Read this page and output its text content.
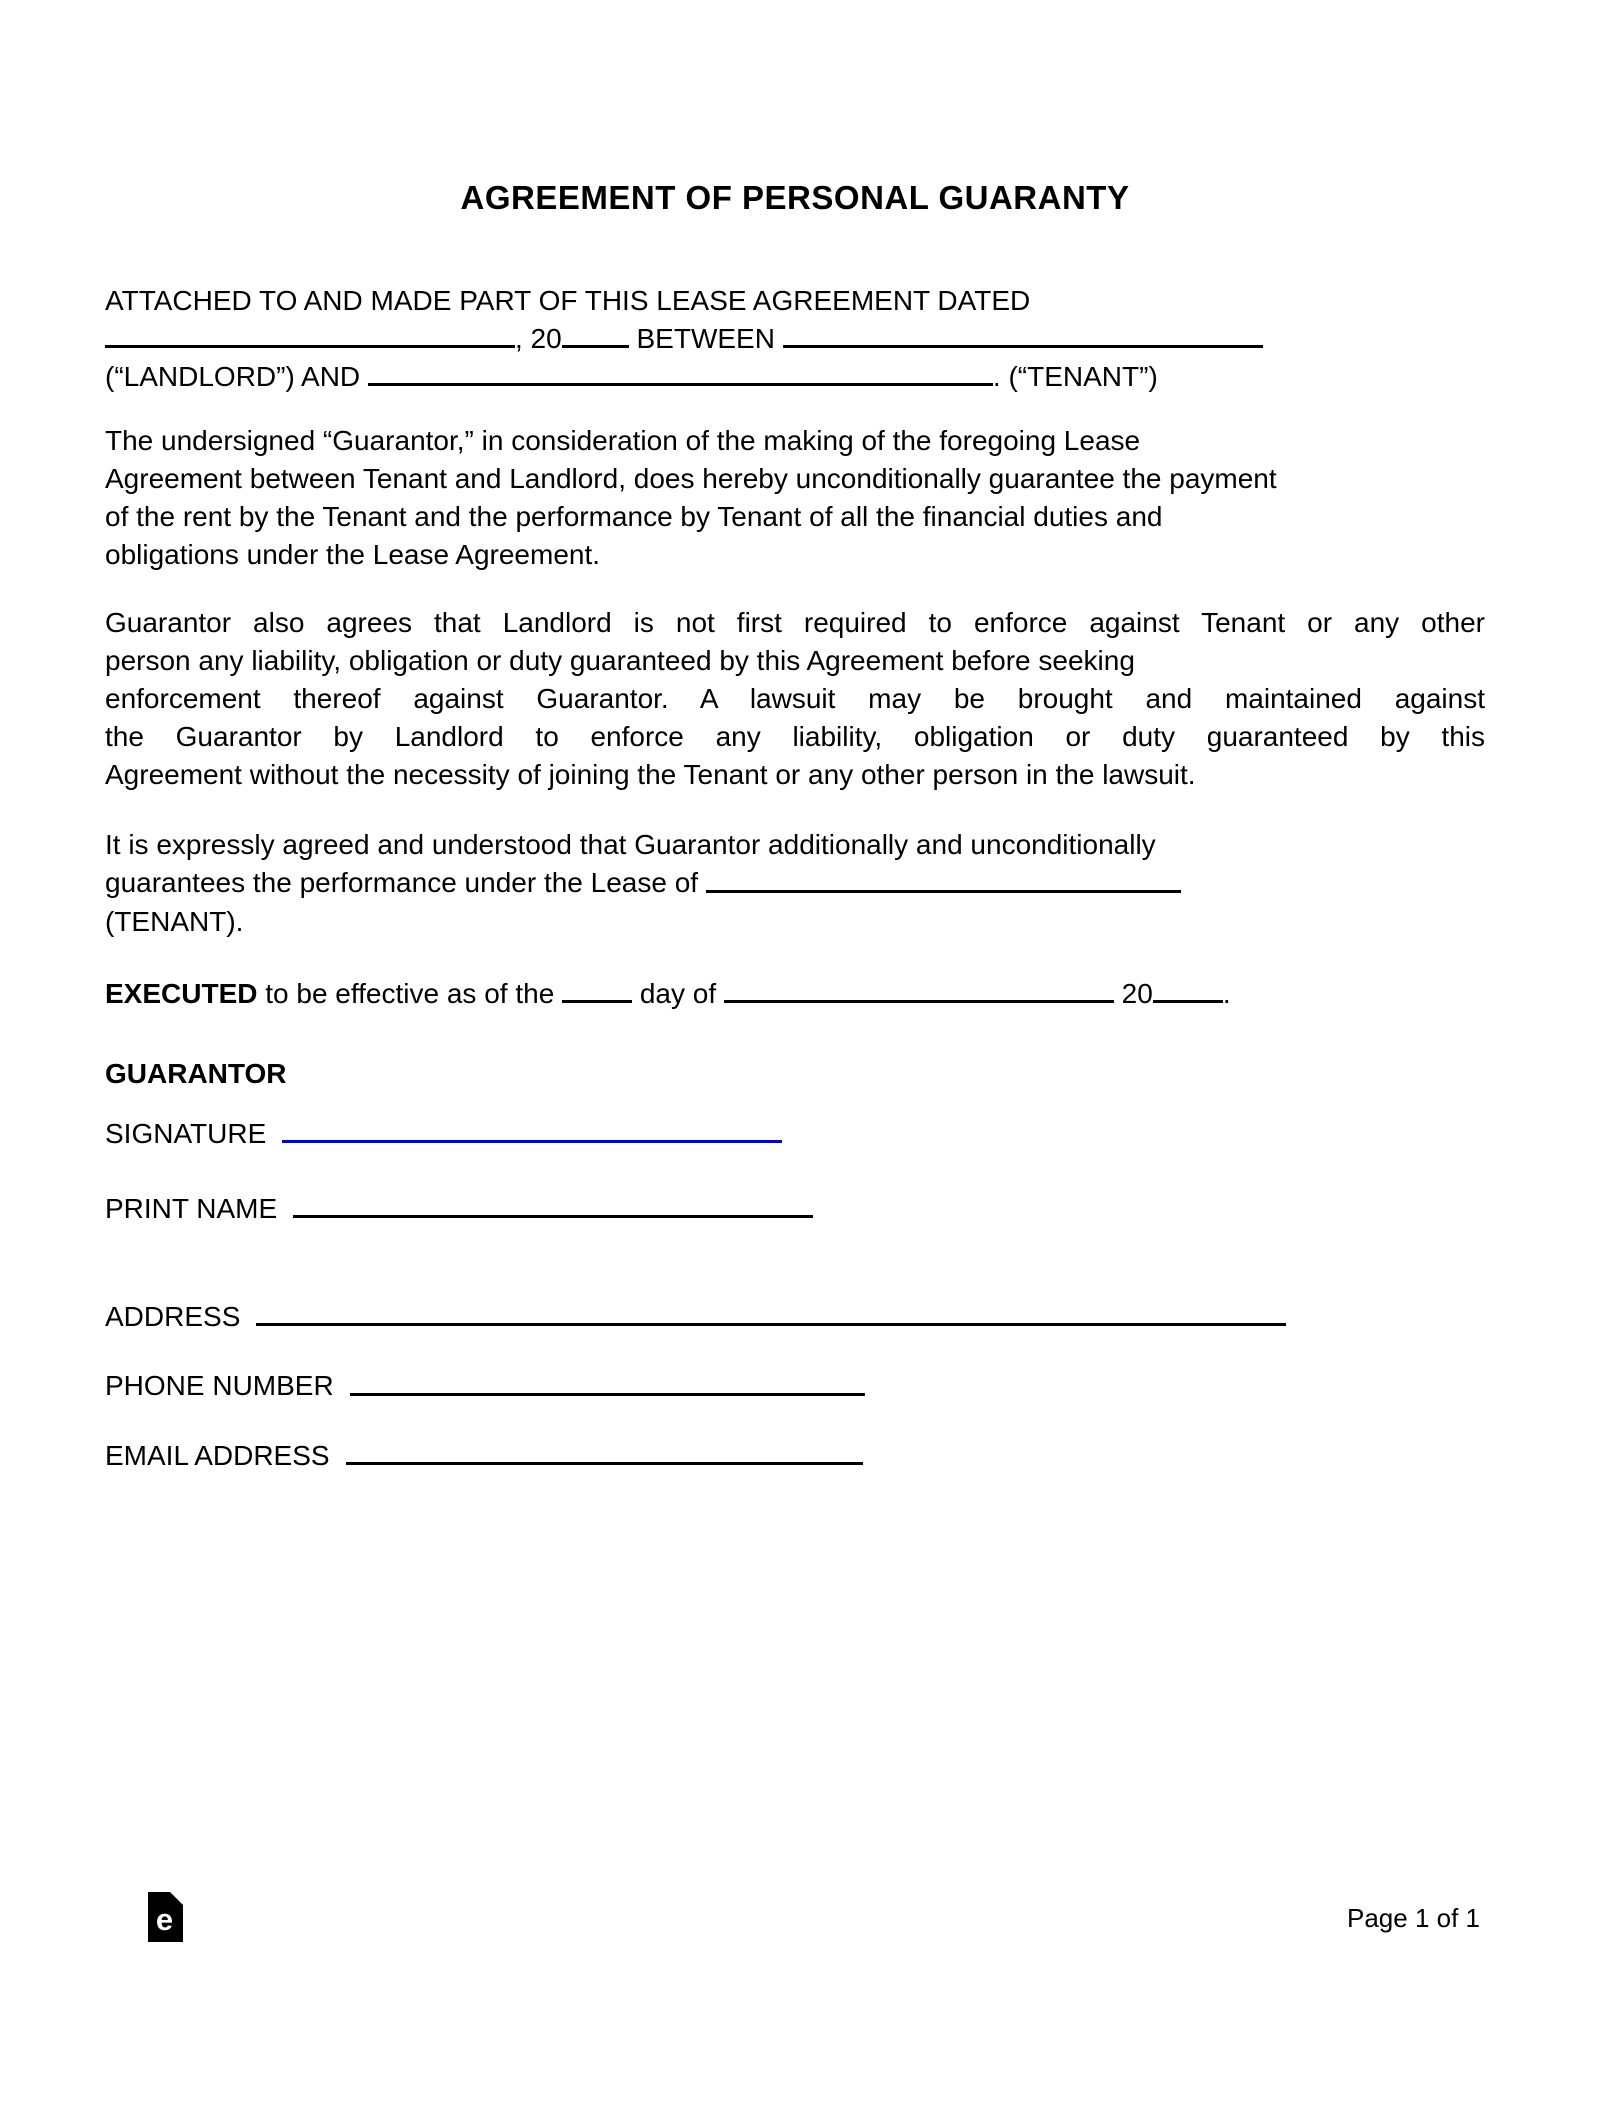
AGREEMENT OF PERSONAL GUARANTY
ATTACHED TO AND MADE PART OF THIS LEASE AGREEMENT DATED
, 20	BETWEEN
(“LANDLORD”) AND	. (“TENANT”)
The undersigned “Guarantor,” in consideration of the making of the foregoing Lease
Agreement between Tenant and Landlord, does hereby unconditionally guarantee the payment
of the rent by the Tenant and the performance by Tenant of all the financial duties and
obligations under the Lease Agreement.
Guarantor also agrees that Landlord is not first required to enforce against Tenant or any other
person any liability, obligation or duty guaranteed by this Agreement before seeking
enforcement thereof against Guarantor. A lawsuit may be brought and maintained against
the Guarantor by Landlord to enforce any liability, obligation or duty guaranteed by this
Agreement without the necessity of joining the Tenant or any other person in the lawsuit.
It is expressly agreed and understood that Guarantor additionally and unconditionally
guarantees the performance under the Lease of
(TENANT).

EXECUTED to be effective as of the	day of	20	.

GUARANTOR
SIGNATURE
PRINT NAME
ADDRESS
PHONE NUMBER
EMAIL ADDRESS
e	Page 1 of 1
